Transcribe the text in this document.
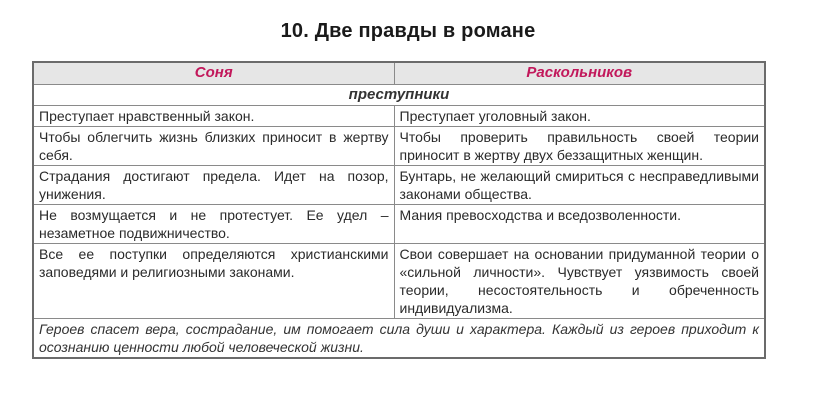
10. Две правды в романе
Соня	Раскольников
преступники	
Преступает нравственный закон.	Преступает уголовный закон.
Чтобы облегчить жизнь близких приносит в жертву себя.	Чтобы проверить правильность своей теории приносит в жертву двух беззащитных женщин.
Страдания достигают предела. Идет на позор, унижения.	Бунтарь, не желающий смириться с несправедливыми законами общества.
Не возмущается и не протестует. Ее удел – незаметное подвижничество.	Мания превосходства и вседозволенности.
Все ее поступки определяются христианскими заповедями и религиозными законами.	Свои совершает на основании придуманной теории о «сильной личности». Чувствует уязвимость своей теории, несостоятельность и обреченность индивидуализма.
Героев спасет вера, сострадание, им помогает сила души и характера. Каждый из героев приходит к осознанию ценности любой человеческой жизни.	
